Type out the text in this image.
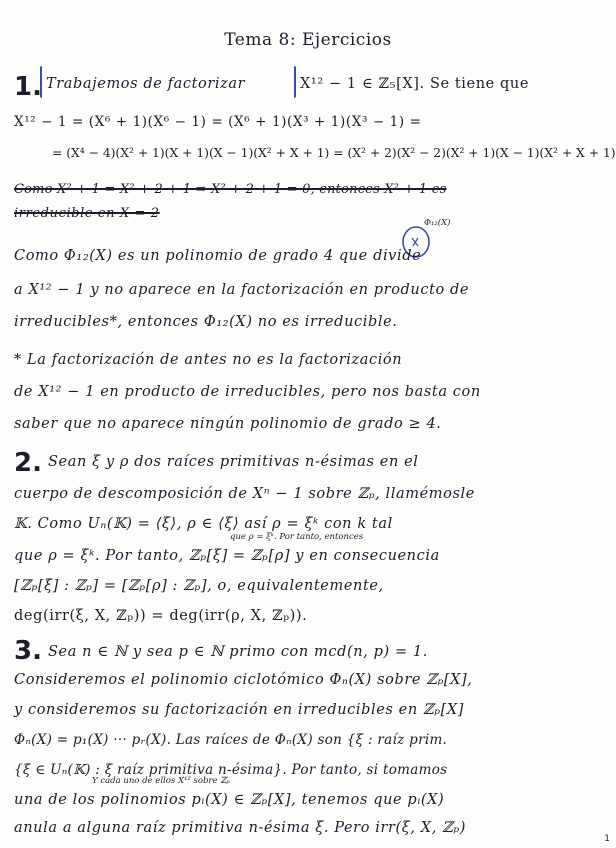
Tema 8: Ejercicios
1. Trabajemos de factorizar	X¹² − 1 ∈ ℤ₅[X]. Se tiene que
X¹² − 1 = (X⁶ + 1)(X⁶ − 1) = (X⁶ + 1)(X³ + 1)(X³ − 1) =
= (X⁴ − 4)(X² + 1)(X + 1)(X − 1)(X² + X + 1) = (X² + 2)(X² − 2)(X² + 1)(X − 1)(X² + X + 1)
Como X² + 1 = X² + 2 + 1 ⇒ X² + 2 + 1 = 0, entonces X² + 1 es
irreducible en X = 2
Φ₁₂(X)
Como Φ₁₂(X) es un polinomio de grado 4 que divide
a X¹² − 1 y no aparece en la factorización en producto de
irreducibles*, entonces Φ₁₂(X) no es irreducible.
* La factorización de antes no es la factorización
de X¹² − 1 en producto de irreducibles, pero nos basta con
saber que no aparece ningún polinomio de grado ≥ 4.
2. Sean ξ y ρ dos raíces primitivas n-ésimas en el
cuerpo de descomposición de Xⁿ − 1 sobre ℤₚ, llamémosle
𝕂. Como Uₙ(𝕂) = ⟨ξ⟩, ρ ∈ ⟨ξ⟩ así ρ = ξᵏ con k tal
que ρ = ξᵏ. Por tanto, entonces
que ρ = ξᵏ. Por tanto, ℤₚ[ξ] = ℤₚ[ρ] y en consecuencia
[ℤₚ[ξ] : ℤₚ] = [ℤₚ[ρ] : ℤₚ], o, equivalentemente,
deg(irr(ξ, X, ℤₚ)) = deg(irr(ρ, X, ℤₚ)).
3. Sea n ∈ ℕ y sea p ∈ ℕ primo con mcd(n, p) = 1.
Consideremos el polinomio ciclotómico Φₙ(X) sobre ℤₚ[X],
y consideremos su factorización en irreducibles en ℤₚ[X]
Φₙ(X) = p₁(X) ··· pᵣ(X). Las raíces de Φₙ(X) son {ξ : raíz prim.
{ξ ∈ Uₙ(𝕂) : ξ raíz primitiva n-ésima}. Por tanto, si tomamos
Y cada uno de ellos X¹² sobre ℤₚ
una de los polinomios pᵢ(X) ∈ ℤₚ[X], tenemos que pᵢ(X)
anula a alguna raíz primitiva n-ésima ξ. Pero irr(ξ, X, ℤₚ)
1
